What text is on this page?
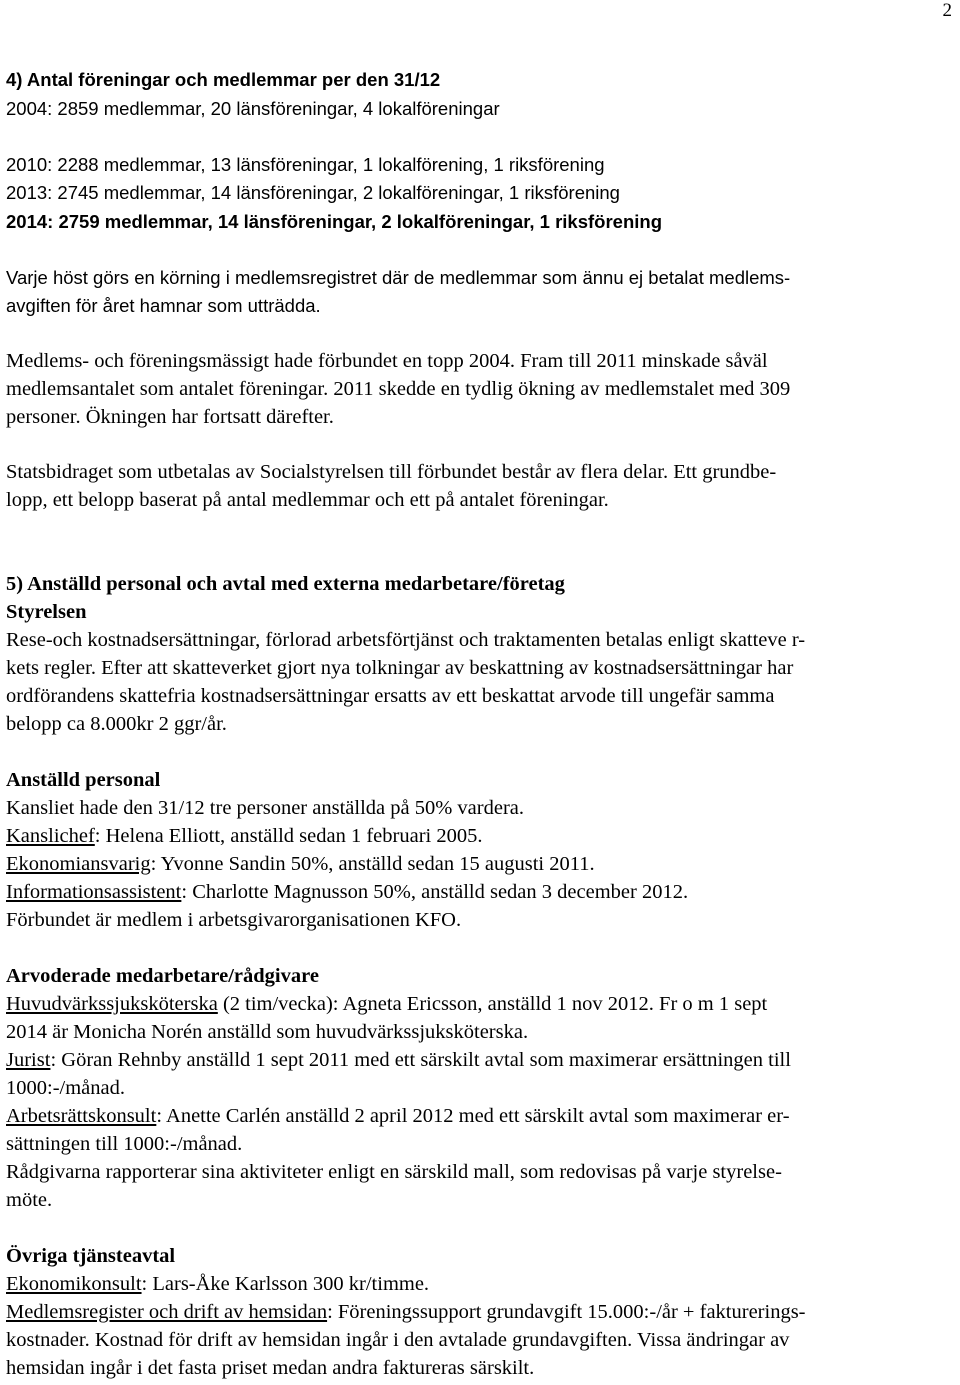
2
4) Antal föreningar och medlemmar per den 31/12
2004: 2859 medlemmar, 20 länsföreningar, 4 lokalföreningar
2010: 2288 medlemmar, 13 länsföreningar, 1 lokalförening, 1 riksförening
2013: 2745 medlemmar, 14 länsföreningar, 2 lokalföreningar, 1 riksförening
2014: 2759 medlemmar, 14 länsföreningar, 2 lokalföreningar, 1 riksförening
Varje höst görs en körning i medlemsregistret där de medlemmar som ännu ej betalat medlems-
avgiften för året hamnar som utträdda.
Medlems- och föreningsmässigt hade förbundet en topp 2004. Fram till 2011 minskade såväl
medlemsantalet som antalet föreningar. 2011 skedde en tydlig ökning av medlemstalet med 309
personer. Ökningen har fortsatt därefter.
Statsbidraget som utbetalas av Socialstyrelsen till förbundet består av flera delar. Ett grundbe-
lopp, ett belopp baserat på antal medlemmar och ett på antalet föreningar.
5) Anställd personal och avtal med externa medarbetare/företag
Styrelsen
Rese-och kostnadsersättningar, förlorad arbetsförtjänst och traktamenten betalas enligt skatteve r-
kets regler. Efter att skatteverket gjort nya tolkningar av beskattning av kostnadsersättningar har
ordförandens skattefria kostnadsersättningar ersatts av ett beskattat arvode till ungefär samma
belopp ca 8.000kr 2 ggr/år.
Anställd personal
Kansliet hade den 31/12 tre personer anställda på 50% vardera.
Kanslichef: Helena Elliott, anställd sedan 1 februari 2005.
Ekonomiansvarig: Yvonne Sandin 50%, anställd sedan 15 augusti 2011.
Informationsassistent: Charlotte Magnusson 50%, anställd sedan 3 december 2012.
Förbundet är medlem i arbetsgivarorganisationen KFO.
Arvoderade medarbetare/rådgivare
Huvudvärkssjuksköterska (2 tim/vecka): Agneta Ericsson, anställd 1 nov 2012. Fr o m 1 sept
2014 är Monicha Norén anställd som huvudvärkssjuksköterska.
Jurist: Göran Rehnby anställd 1 sept 2011 med ett särskilt avtal som maximerar ersättningen till
1000:-/månad.
Arbetsrättskonsult: Anette Carlén anställd 2 april 2012 med ett särskilt avtal som maximerar er-
sättningen till 1000:-/månad.
Rådgivarna rapporterar sina aktiviteter enligt en särskild mall, som redovisas på varje styrelse-
möte.
Övriga tjänsteavtal
Ekonomikonsult: Lars-Åke Karlsson 300 kr/timme.
Medlemsregister och drift av hemsidan: Föreningssupport grundavgift 15.000:-/år + fakturerings-
kostnader. Kostnad för drift av hemsidan ingår i den avtalade grundavgiften. Vissa ändringar av
hemsidan ingår i det fasta priset medan andra faktureras särskilt.
